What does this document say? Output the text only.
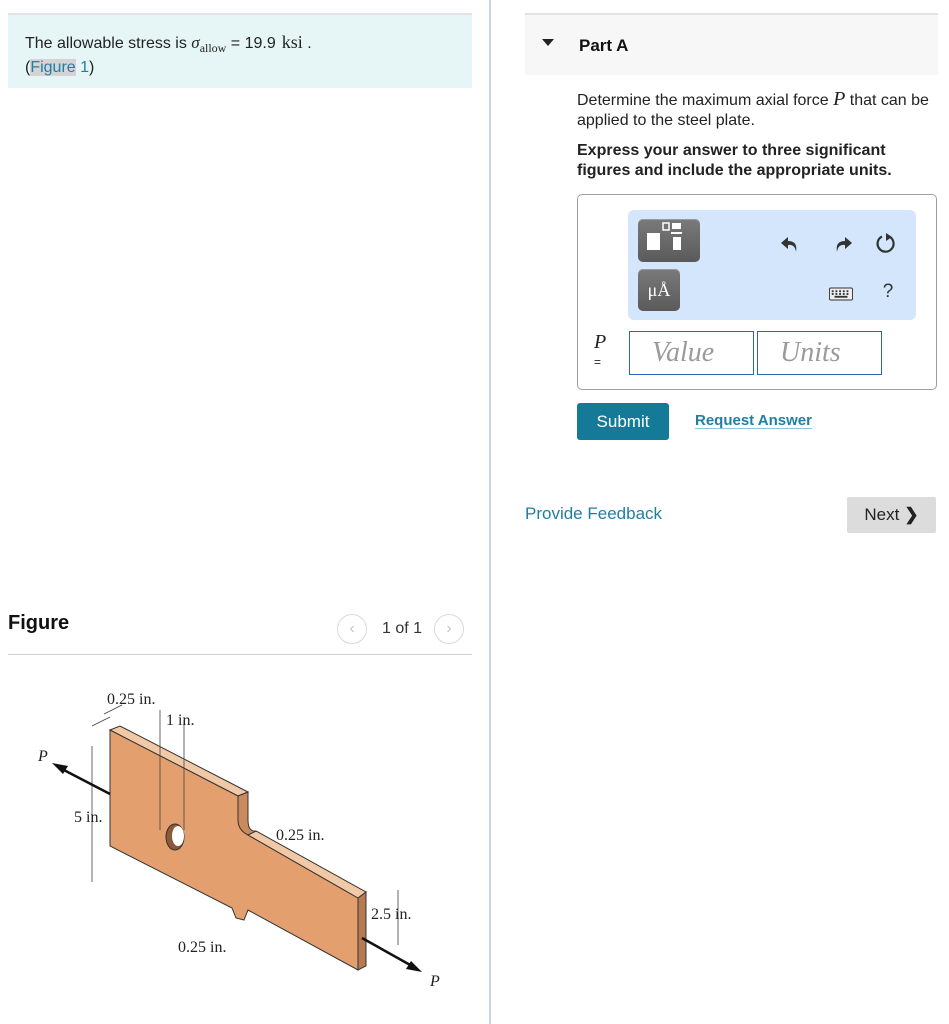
The allowable stress is $\sigma_{allow} = 19.9$ ksi .
(Figure 1)
Figure	‹ 1 of 1 ›
0.25 in.
1 in.
5 in.
0.25 in.
0.25 in.
2.5 in.
P
P
Part A
Determine the maximum axial force P that can be applied to the steel plate.
Express your answer to three significant figures and include the appropriate units.
μÅ	?
P
=
Value
Units
Submit	Request Answer
Provide Feedback	Next ❯
